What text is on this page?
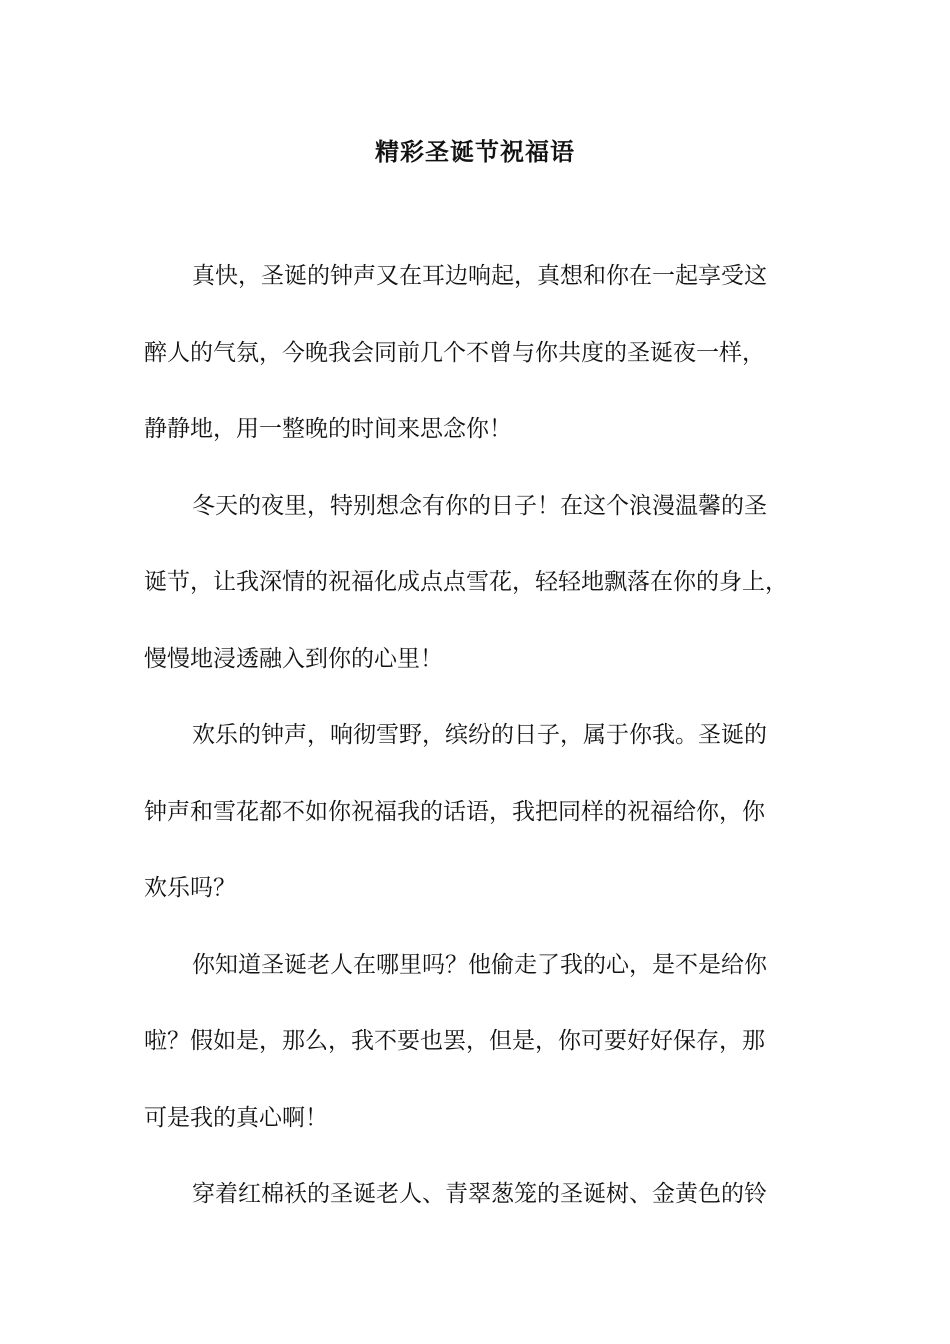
精彩圣诞节祝福语
真快，圣诞的钟声又在耳边响起，真想和你在一起享受这
醉人的气氛，今晚我会同前几个不曾与你共度的圣诞夜一样，
静静地，用一整晚的时间来思念你！
冬天的夜里，特别想念有你的日子！在这个浪漫温馨的圣
诞节，让我深情的祝福化成点点雪花，轻轻地飘落在你的身上，
慢慢地浸透融入到你的心里！
欢乐的钟声，响彻雪野，缤纷的日子，属于你我。圣诞的
钟声和雪花都不如你祝福我的话语，我把同样的祝福给你，你
欢乐吗？
你知道圣诞老人在哪里吗？他偷走了我的心，是不是给你
啦？假如是，那么，我不要也罢，但是，你可要好好保存，那
可是我的真心啊！
穿着红棉袄的圣诞老人、青翠葱笼的圣诞树、金黄色的铃
